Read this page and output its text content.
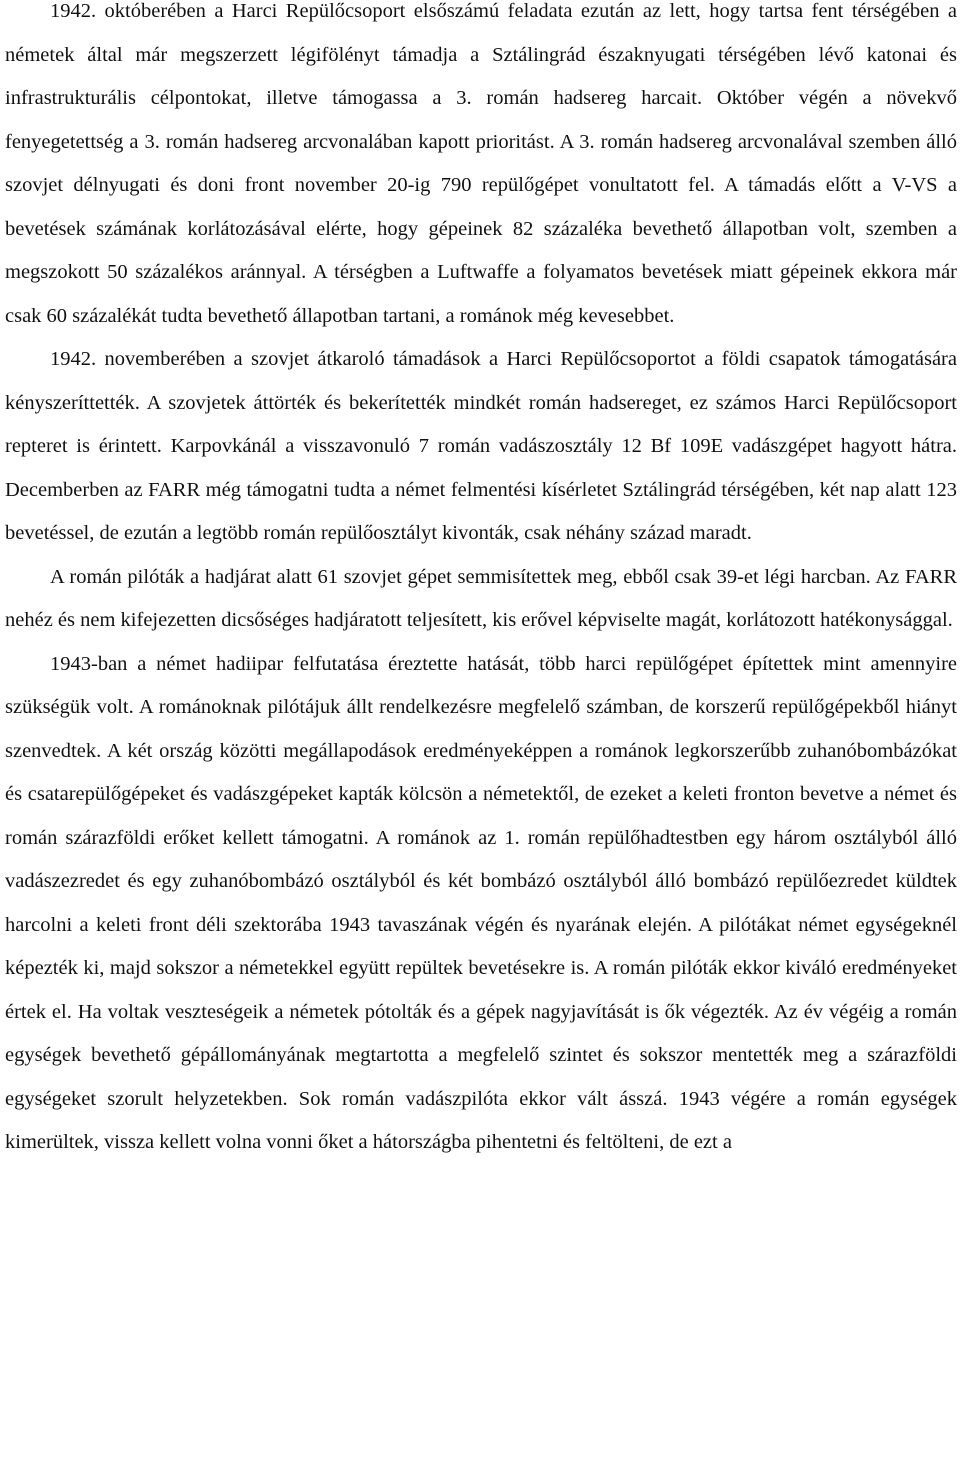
1942. októberében a Harci Repülőcsoport elsőszámú feladata ezután az lett, hogy tartsa fent térségében a németek által már megszerzett légifölényt támadja a Sztálingrád északnyugati térségében lévő katonai és infrastrukturális célpontokat, illetve támogassa a 3. román hadsereg harcait. Október végén a növekvő fenyegetettség a 3. román hadsereg arcvonalában kapott prioritást. A 3. román hadsereg arcvonalával szemben álló szovjet délnyugati és doni front november 20-ig 790 repülőgépet vonultatott fel. A támadás előtt a V-VS a bevetések számának korlátozásával elérte, hogy gépeinek 82 százaléka bevethető állapotban volt, szemben a megszokott 50 százalékos aránnyal. A térségben a Luftwaffe a folyamatos bevetések miatt gépeinek ekkora már csak 60 százalékát tudta bevethető állapotban tartani, a románok még kevesebbet.

1942. novemberében a szovjet átkaroló támadások a Harci Repülőcsoportot a földi csapatok támogatására kényszeríttették. A szovjetek áttörték és bekerítették mindkét román hadsereget, ez számos Harci Repülőcsoport repteret is érintett. Karpovkánál a visszavonuló 7 román vadászosztály 12 Bf 109E vadászgépet hagyott hátra. Decemberben az FARR még támogatni tudta a német felmentési kísérletet Sztálingrád térségében, két nap alatt 123 bevetéssel, de ezután a legtöbb román repülőosztályt kivonták, csak néhány század maradt.

A román pilóták a hadjárat alatt 61 szovjet gépet semmisítettek meg, ebből csak 39-et légi harcban. Az FARR nehéz és nem kifejezetten dicsőséges hadjáratott teljesített, kis erővel képviselte magát, korlátozott hatékonysággal.

1943-ban a német hadiipar felfutatása éreztette hatását, több harci repülőgépet építettek mint amennyire szükségük volt. A románoknak pilótájuk állt rendelkezésre megfelelő számban, de korszerű repülőgépekből hiányt szenvedtek. A két ország közötti megállapodások eredményeképpen a románok legkorszerűbb zuhanóbombázókat és csatarepülőgépeket és vadászgépeket kapták kölcsön a németektől, de ezeket a keleti fronton bevetve a német és román szárazföldi erőket kellett támogatni. A románok az 1. román repülőhadtestben egy három osztályból álló vadászezredet és egy zuhanóbombázó osztályból és két bombázó osztályból álló bombázó repülőezredet küldtek harcolni a keleti front déli szektorába 1943 tavaszának végén és nyarának elején. A pilótákat német egységeknél képezték ki, majd sokszor a németekkel együtt repültek bevetésekre is. A román pilóták ekkor kiváló eredményeket értek el. Ha voltak veszteségeik a németek pótolták és a gépek nagyjavítását is ők végezték. Az év végéig a román egységek bevethető gépállományának megtartotta a megfelelő szintet és sokszor mentették meg a szárazföldi egységeket szorult helyzetekben. Sok román vadászpilóta ekkor vált ásszá. 1943 végére a román egységek kimerültek, vissza kellett volna vonni őket a hátországba pihentetni és feltölteni, de ezt a
